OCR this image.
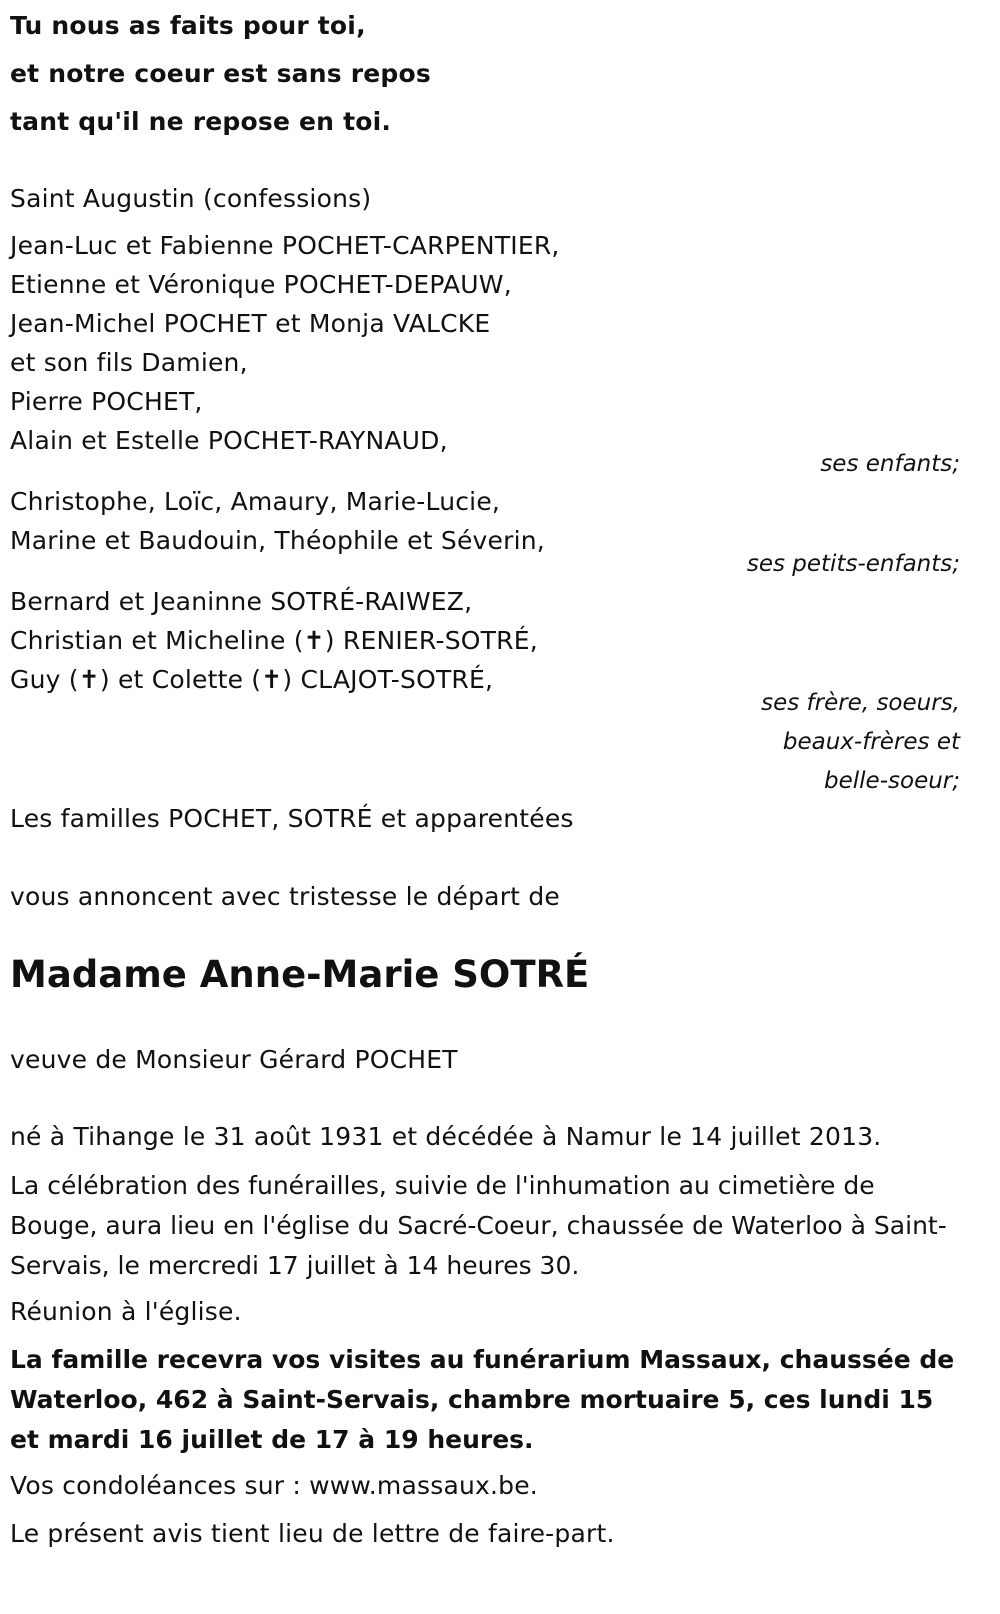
Tu nous as faits pour toi,
et notre coeur est sans repos
tant qu'il ne repose en toi.
Saint Augustin (confessions)
Jean-Luc et Fabienne POCHET-CARPENTIER,
Etienne et Véronique POCHET-DEPAUW,
Jean-Michel POCHET et Monja VALCKE
et son fils Damien,
Pierre POCHET,
Alain et Estelle POCHET-RAYNAUD,
ses enfants;
Christophe, Loïc, Amaury, Marie-Lucie,
Marine et Baudouin, Théophile et Séverin,
ses petits-enfants;
Bernard et Jeaninne SOTRÉ-RAIWEZ,
Christian et Micheline (✝) RENIER-SOTRÉ,
Guy (✝) et Colette (✝) CLAJOT-SOTRÉ,
ses frère, soeurs,
beaux-frères et
belle-soeur;
Les familles POCHET, SOTRÉ et apparentées
vous annoncent avec tristesse le départ de
Madame Anne-Marie SOTRÉ
veuve de Monsieur Gérard POCHET
né à Tihange le 31 août 1931 et décédée à Namur le 14 juillet 2013.
La célébration des funérailles, suivie de l'inhumation au cimetière de Bouge, aura lieu en l'église du Sacré-Coeur, chaussée de Waterloo à Saint-Servais, le mercredi 17 juillet à 14 heures 30.
Réunion à l'église.
La famille recevra vos visites au funérarium Massaux, chaussée de Waterloo, 462 à Saint-Servais, chambre mortuaire 5, ces lundi 15 et mardi 16 juillet de 17 à 19 heures.
Vos condoléances sur : www.massaux.be.
Le présent avis tient lieu de lettre de faire-part.
